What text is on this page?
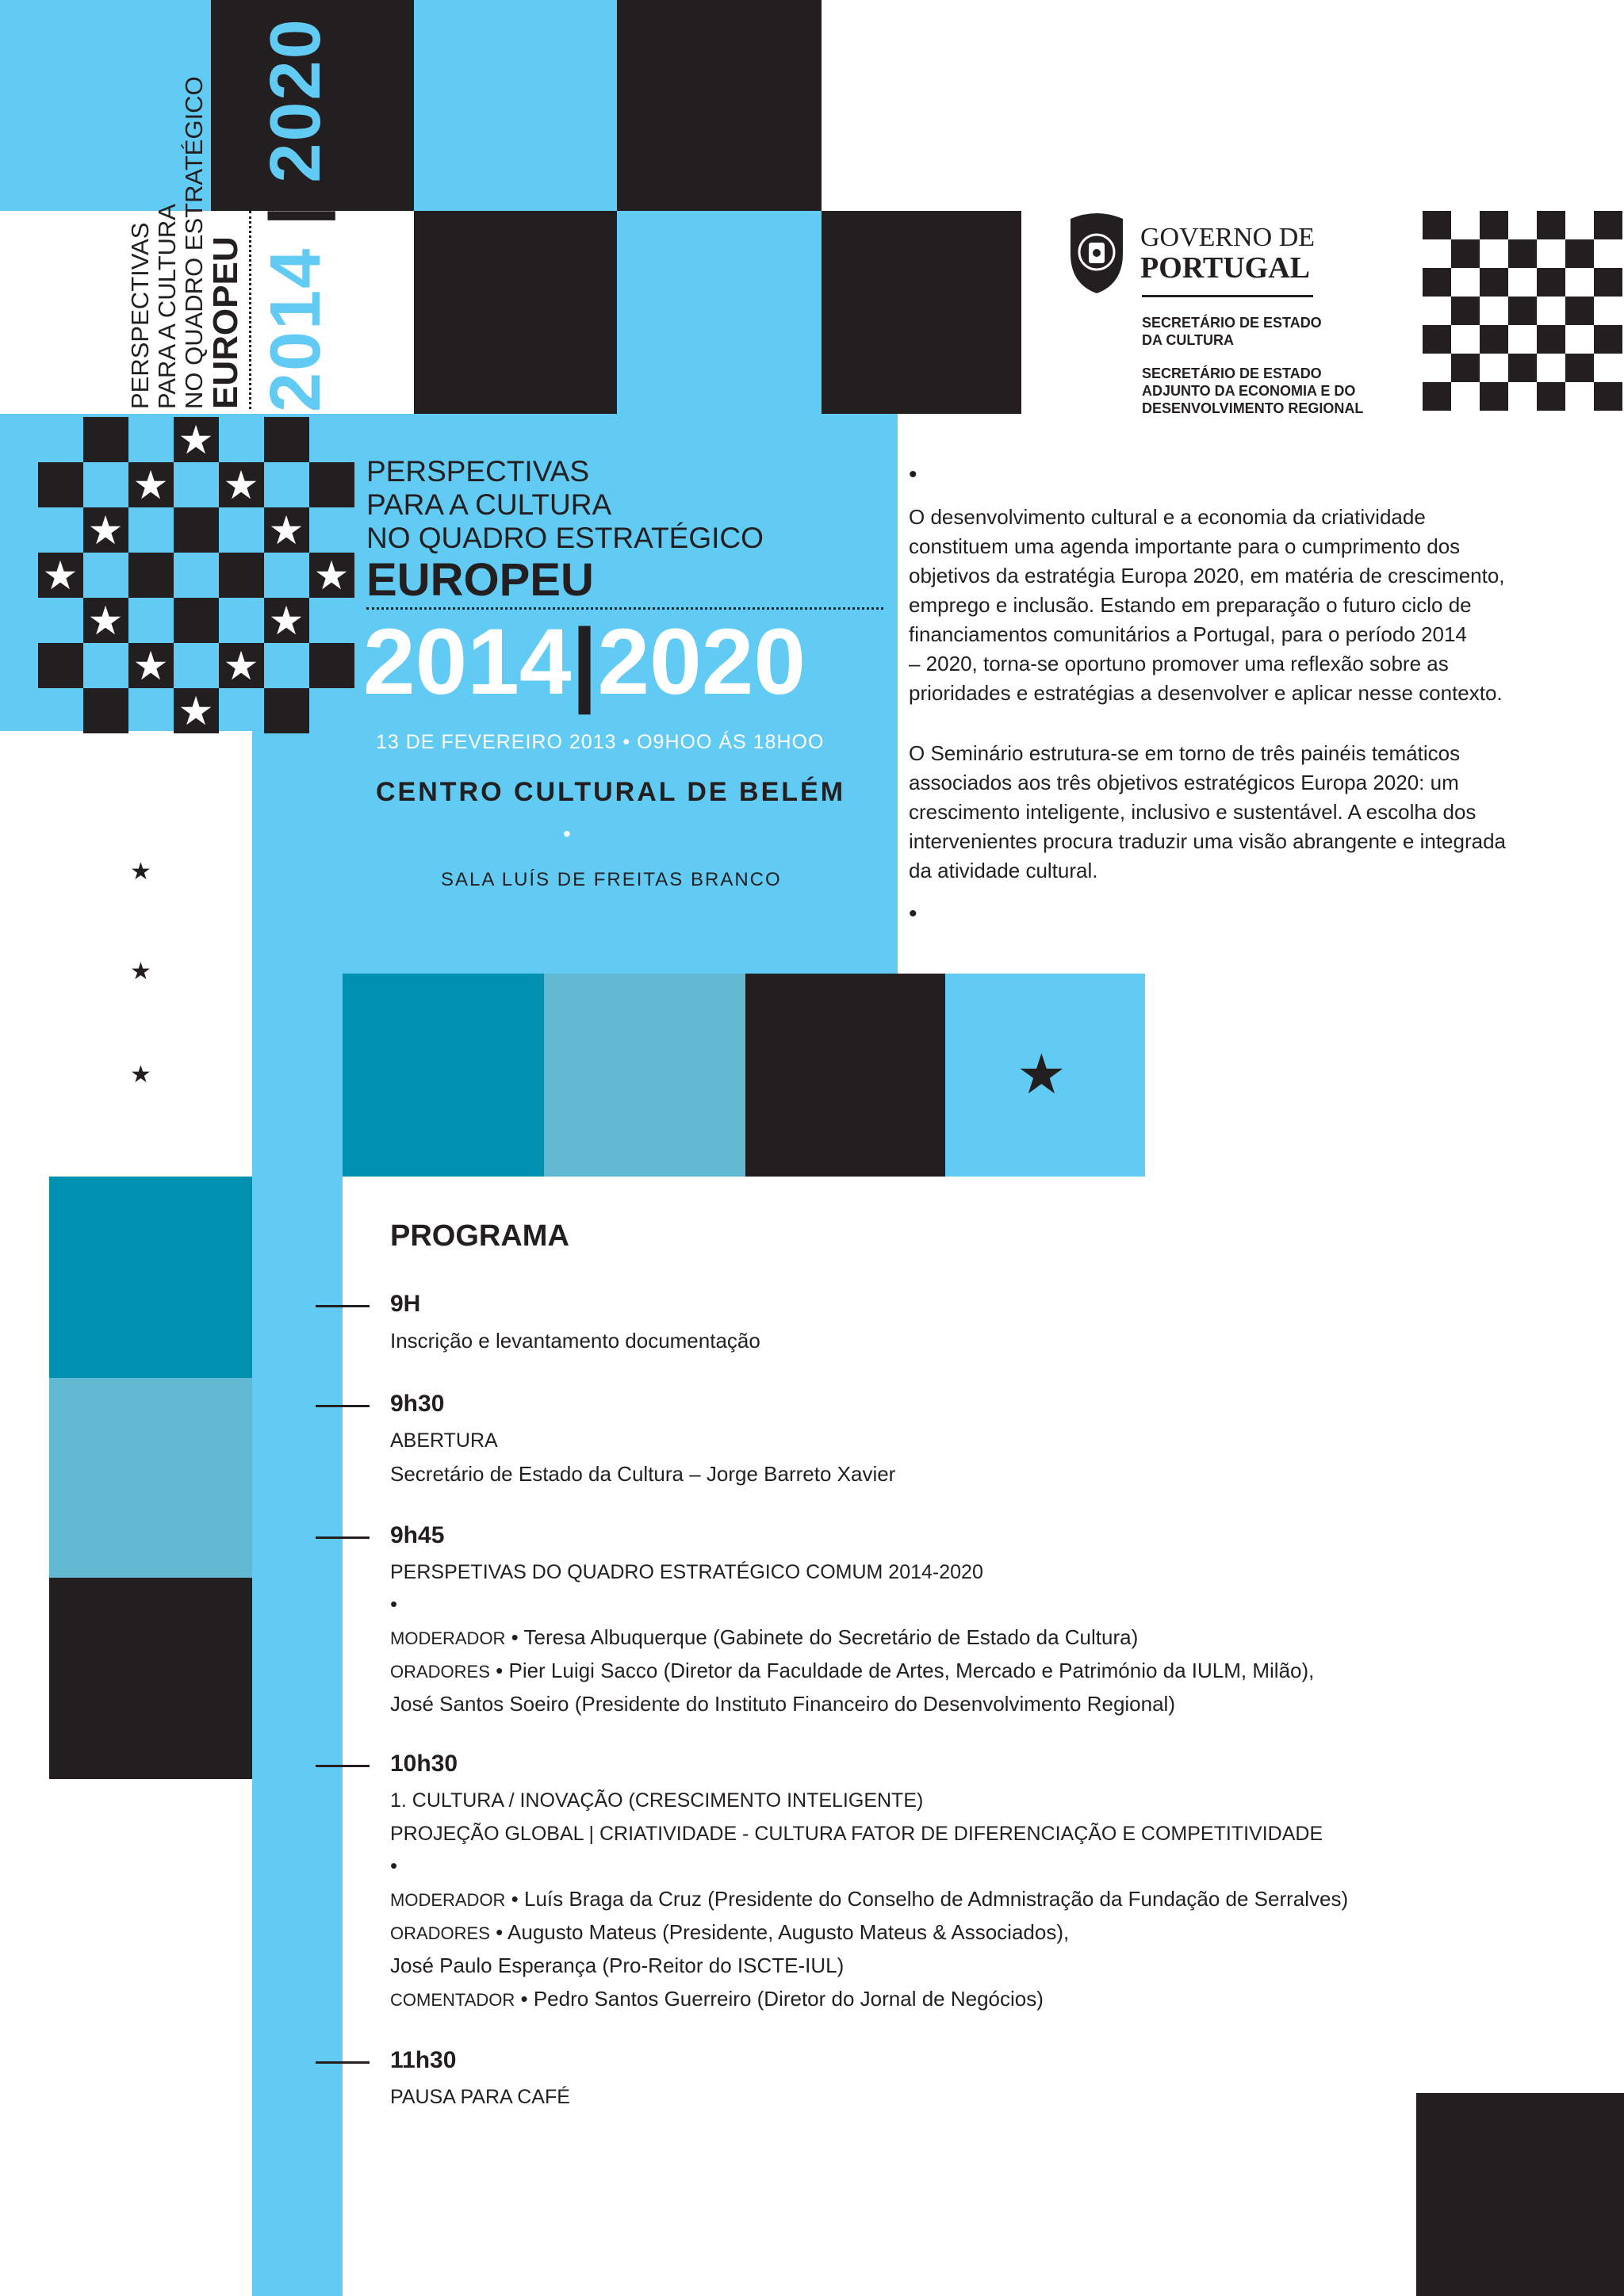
PERSPECTIVAS PARA A CULTURA NO QUADRO ESTRATÉGICO
EUROPEU 2014 | 2020
★
★ ★
★	★
★	★
★	★
★ ★
★
PERSPECTIVAS
PARA A CULTURA
NO QUADRO ESTRATÉGICO
EUROPEU
2014|2020
13 DE FEVEREIRO 2013 • O9HOO ÁS 18HOO
CENTRO CULTURAL DE BELÉM
•
SALA LUÍS DE FREITAS BRANCO
★
★
★
GOVERNO DE
PORTUGAL
SECRETÁRIO DE ESTADO
DA CULTURA
SECRETÁRIO DE ESTADO
ADJUNTO DA ECONOMIA E DO
DESENVOLVIMENTO REGIONAL
•
O desenvolvimento cultural e a economia da criatividade
constituem uma agenda importante para o cumprimento dos
objetivos da estratégia Europa 2020, em matéria de crescimento,
emprego e inclusão. Estando em preparação o futuro ciclo de
financiamentos comunitários a Portugal, para o período 2014
– 2020, torna-se oportuno promover uma reflexão sobre as
prioridades e estratégias a desenvolver e aplicar nesse contexto.
O Seminário estrutura-se em torno de três painéis temáticos
associados aos três objetivos estratégicos Europa 2020: um
crescimento inteligente, inclusivo e sustentável. A escolha dos
intervenientes procura traduzir uma visão abrangente e integrada
da atividade cultural.
•
★
PROGRAMA
9H
Inscrição e levantamento documentação
9h30
ABERTURA
Secretário de Estado da Cultura – Jorge Barreto Xavier
9h45
PERSPETIVAS DO QUADRO ESTRATÉGICO COMUM 2014-2020
•
MODERADOR • Teresa Albuquerque (Gabinete do Secretário de Estado da Cultura)
ORADORES • Pier Luigi Sacco (Diretor da Faculdade de Artes, Mercado e Património da IULM, Milão),
José Santos Soeiro (Presidente do Instituto Financeiro do Desenvolvimento Regional)
10h30
1. CULTURA / INOVAÇÃO (CRESCIMENTO INTELIGENTE)
PROJEÇÃO GLOBAL | CRIATIVIDADE - CULTURA FATOR DE DIFERENCIAÇÃO E COMPETITIVIDADE
•
MODERADOR • Luís Braga da Cruz (Presidente do Conselho de Admnistração da Fundação de Serralves)
ORADORES • Augusto Mateus (Presidente, Augusto Mateus & Associados),
José Paulo Esperança (Pro-Reitor do ISCTE-IUL)
COMENTADOR • Pedro Santos Guerreiro (Diretor do Jornal de Negócios)
11h30
PAUSA PARA CAFÉ
